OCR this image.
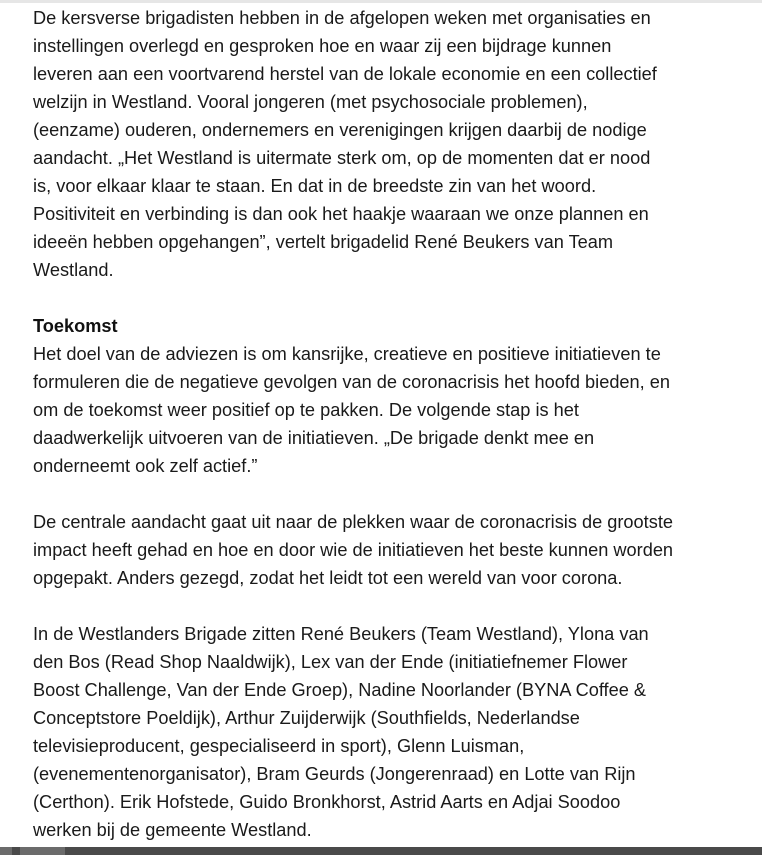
De kersverse brigadisten hebben in de afgelopen weken met organisaties en
instellingen overlegd en gesproken hoe en waar zij een bijdrage kunnen
leveren aan een voortvarend herstel van de lokale economie en een collectief
welzijn in Westland. Vooral jongeren (met psychosociale problemen),
(eenzame) ouderen, ondernemers en verenigingen krijgen daarbij de nodige
aandacht. „Het Westland is uitermate sterk om, op de momenten dat er nood
is, voor elkaar klaar te staan. En dat in de breedste zin van het woord.
Positiviteit en verbinding is dan ook het haakje waaraan we onze plannen en
ideeën hebben opgehangen”, vertelt brigadelid René Beukers van Team
Westland.

Toekomst

Het doel van de adviezen is om kansrijke, creatieve en positieve initiatieven te
formuleren die de negatieve gevolgen van de coronacrisis het hoofd bieden, en
om de toekomst weer positief op te pakken. De volgende stap is het
daadwerkelijk uitvoeren van de initiatieven. „De brigade denkt mee en
onderneemt ook zelf actief.”

De centrale aandacht gaat uit naar de plekken waar de coronacrisis de grootste
impact heeft gehad en hoe en door wie de initiatieven het beste kunnen worden
opgepakt. Anders gezegd, zodat het leidt tot een wereld van voor corona.

In de Westlanders Brigade zitten René Beukers (Team Westland), Ylona van
den Bos (Read Shop Naaldwijk), Lex van der Ende (initiatiefnemer Flower
Boost Challenge, Van der Ende Groep), Nadine Noorlander (BYNA Coffee &
Conceptstore Poeldijk), Arthur Zuijderwijk (Southfields, Nederlandse
televisieproducent, gespecialiseerd in sport), Glenn Luisman,
(evenementenorganisator), Bram Geurds (Jongerenraad) en Lotte van Rijn
(Certhon). Erik Hofstede, Guido Bronkhorst, Astrid Aarts en Adjai Soodoo
werken bij de gemeente Westland.
